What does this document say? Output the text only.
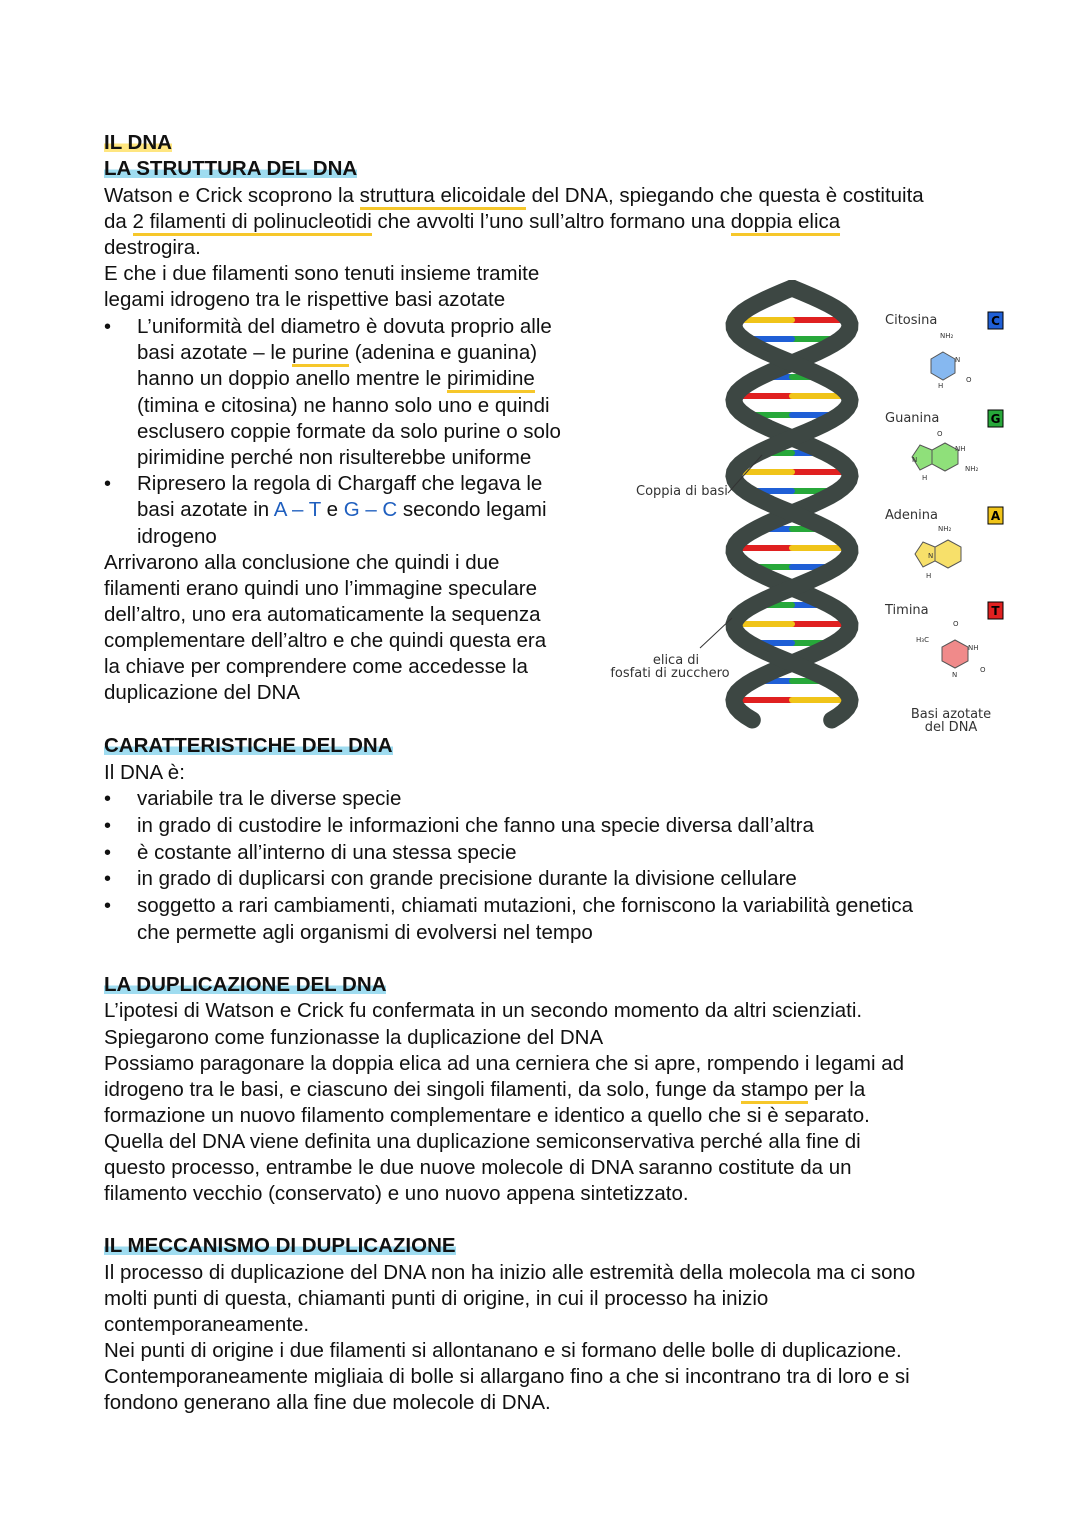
IL DNA
LA STRUTTURA DEL DNA
Watson e Crick scoprono la struttura elicoidale del DNA, spiegando che questa è costituita
da 2 filamenti di polinucleotidi che avvolti l’uno sull’altro formano una doppia elica
destrogira.
E che i due filamenti sono tenuti insieme tramite
legami idrogeno tra le rispettive basi azotate
• L’uniformità del diametro è dovuta proprio alle
basi azotate – le purine (adenina e guanina)
hanno un doppio anello mentre le pirimidine
(timina e citosina) ne hanno solo uno e quindi
esclusero coppie formate da solo purine o solo
pirimidine perché non risulterebbe uniforme
• Ripresero la regola di Chargaff che legava le
basi azotate in A – T e G – C secondo legami
idrogeno
Arrivarono alla conclusione che quindi i due
filamenti erano quindi uno l’immagine speculare
dell’altro, uno era automaticamente la sequenza
complementare dell’altro e che quindi questa era
la chiave per comprendere come accedesse la
duplicazione del DNA
Coppia di basi
elica di
fosfati di zucchero
Citosina	C
NH₂
N
H
O
Guanina	G
O
NH
NH₂
N
H
Adenina	A
NH₂
N
H
Timina	T
H₃C
O
NH
N
O
Basi azotate
del DNA
CARATTERISTICHE DEL DNA
Il DNA è:
• variabile tra le diverse specie
• in grado di custodire le informazioni che fanno una specie diversa dall’altra
• è costante all’interno di una stessa specie
• in grado di duplicarsi con grande precisione durante la divisione cellulare
• soggetto a rari cambiamenti, chiamati mutazioni, che forniscono la variabilità genetica
che permette agli organismi di evolversi nel tempo
LA DUPLICAZIONE DEL DNA
L’ipotesi di Watson e Crick fu confermata in un secondo momento da altri scienziati.
Spiegarono come funzionasse la duplicazione del DNA
Possiamo paragonare la doppia elica ad una cerniera che si apre, rompendo i legami ad
idrogeno tra le basi, e ciascuno dei singoli filamenti, da solo, funge da stampo per la
formazione un nuovo filamento complementare e identico a quello che si è separato.
Quella del DNA viene definita una duplicazione semiconservativa perché alla fine di
questo processo, entrambe le due nuove molecole di DNA saranno costitute da un
filamento vecchio (conservato) e uno nuovo appena sintetizzato.
IL MECCANISMO DI DUPLICAZIONE
Il processo di duplicazione del DNA non ha inizio alle estremità della molecola ma ci sono
molti punti di questa, chiamanti punti di origine, in cui il processo ha inizio
contemporaneamente.
Nei punti di origine i due filamenti si allontanano e si formano delle bolle di duplicazione.
Contemporaneamente migliaia di bolle si allargano fino a che si incontrano tra di loro e si
fondono generano alla fine due molecole di DNA.
